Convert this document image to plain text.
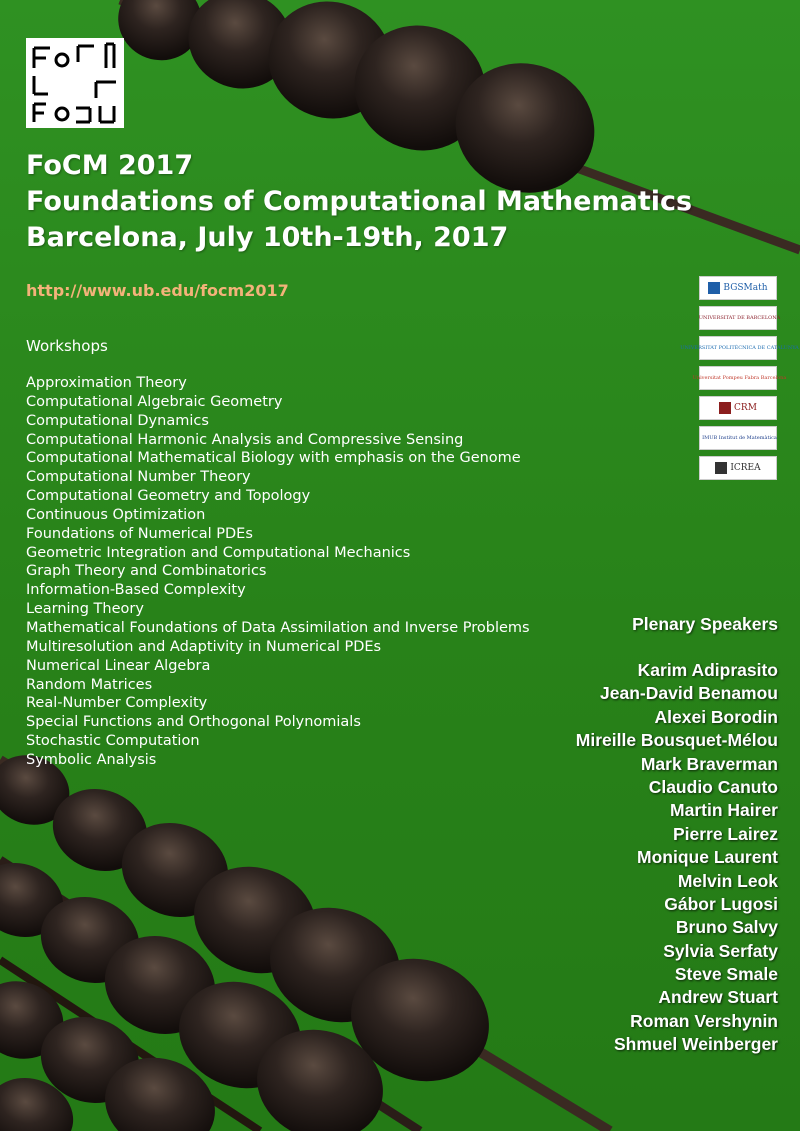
FoCM 2017
Foundations of Computational Mathematics
Barcelona, July 10th-19th, 2017
http://www.ub.edu/focm2017
Workshops
Approximation Theory
Computational Algebraic Geometry
Computational Dynamics
Computational Harmonic Analysis and Compressive Sensing
Computational Mathematical Biology with emphasis on the Genome
Computational Number Theory
Computational Geometry and Topology
Continuous Optimization
Foundations of Numerical PDEs
Geometric Integration and Computational Mechanics
Graph Theory and Combinatorics
Information-Based Complexity
Learning Theory
Mathematical Foundations of Data Assimilation and Inverse Problems
Multiresolution and Adaptivity in Numerical PDEs
Numerical Linear Algebra
Random Matrices
Real-Number Complexity
Special Functions and Orthogonal Polynomials
Stochastic Computation
Symbolic Analysis
BGSMath
UNIVERSITAT DE BARCELONA
UNIVERSITAT POLITÈCNICA DE CATALUNYA
Universitat Pompeu Fabra Barcelona
CRM
IMUB Institut de Matemàtica
ICREA
Plenary Speakers
Karim Adiprasito
Jean-David Benamou
Alexei Borodin
Mireille Bousquet-Mélou
Mark Braverman
Claudio Canuto
Martin Hairer
Pierre Lairez
Monique Laurent
Melvin Leok
Gábor Lugosi
Bruno Salvy
Sylvia Serfaty
Steve Smale
Andrew Stuart
Roman Vershynin
Shmuel Weinberger
